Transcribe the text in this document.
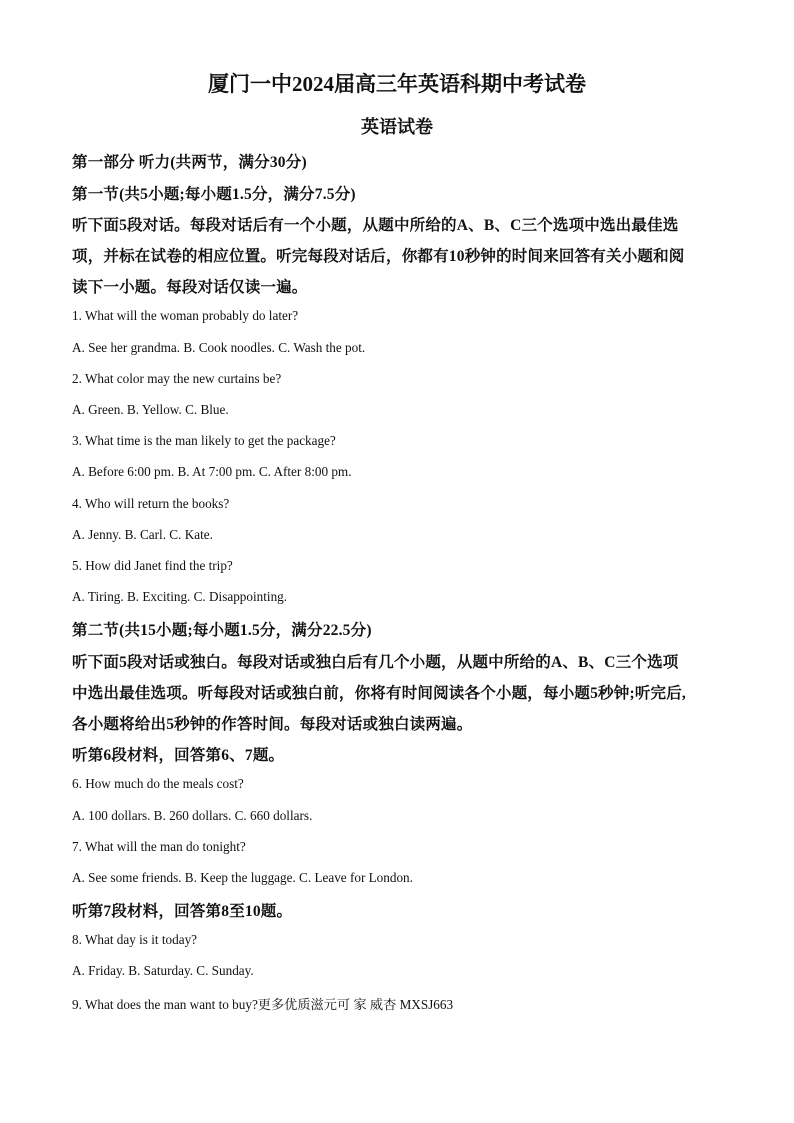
厦门一中2024届高三年英语科期中考试卷
英语试卷
第一部分 听力(共两节，满分30分)
第一节(共5小题;每小题1.5分，满分7.5分)
听下面5段对话。每段对话后有一个小题，从题中所给的A、B、C三个选项中选出最佳选
项，并标在试卷的相应位置。听完每段对话后，你都有10秒钟的时间来回答有关小题和阅
读下一小题。每段对话仅读一遍。
1. What will the woman probably do later?
A. See her grandma. B. Cook noodles. C. Wash the pot.
2. What color may the new curtains be?
A. Green. B. Yellow. C. Blue.
3. What time is the man likely to get the package?
A. Before 6:00 pm. B. At 7:00 pm. C. After 8:00 pm.
4. Who will return the books?
A. Jenny. B. Carl. C. Kate.
5. How did Janet find the trip?
A. Tiring. B. Exciting. C. Disappointing.
第二节(共15小题;每小题1.5分，满分22.5分)
听下面5段对话或独白。每段对话或独白后有几个小题，从题中所给的A、B、C三个选项
中选出最佳选项。听每段对话或独白前，你将有时间阅读各个小题，每小题5秒钟;听完后,
各小题将给出5秒钟的作答时间。每段对话或独白读两遍。
听第6段材料，回答第6、7题。
6. How much do the meals cost?
A. 100 dollars. B. 260 dollars. C. 660 dollars.
7. What will the man do tonight?
A. See some friends. B. Keep the luggage. C. Leave for London.
听第7段材料，回答第8至10题。
8. What day is it today?
A. Friday. B. Saturday. C. Sunday.
9. What does the man want to buy?更多优质滋元可 家 威杏 MXSJ663
